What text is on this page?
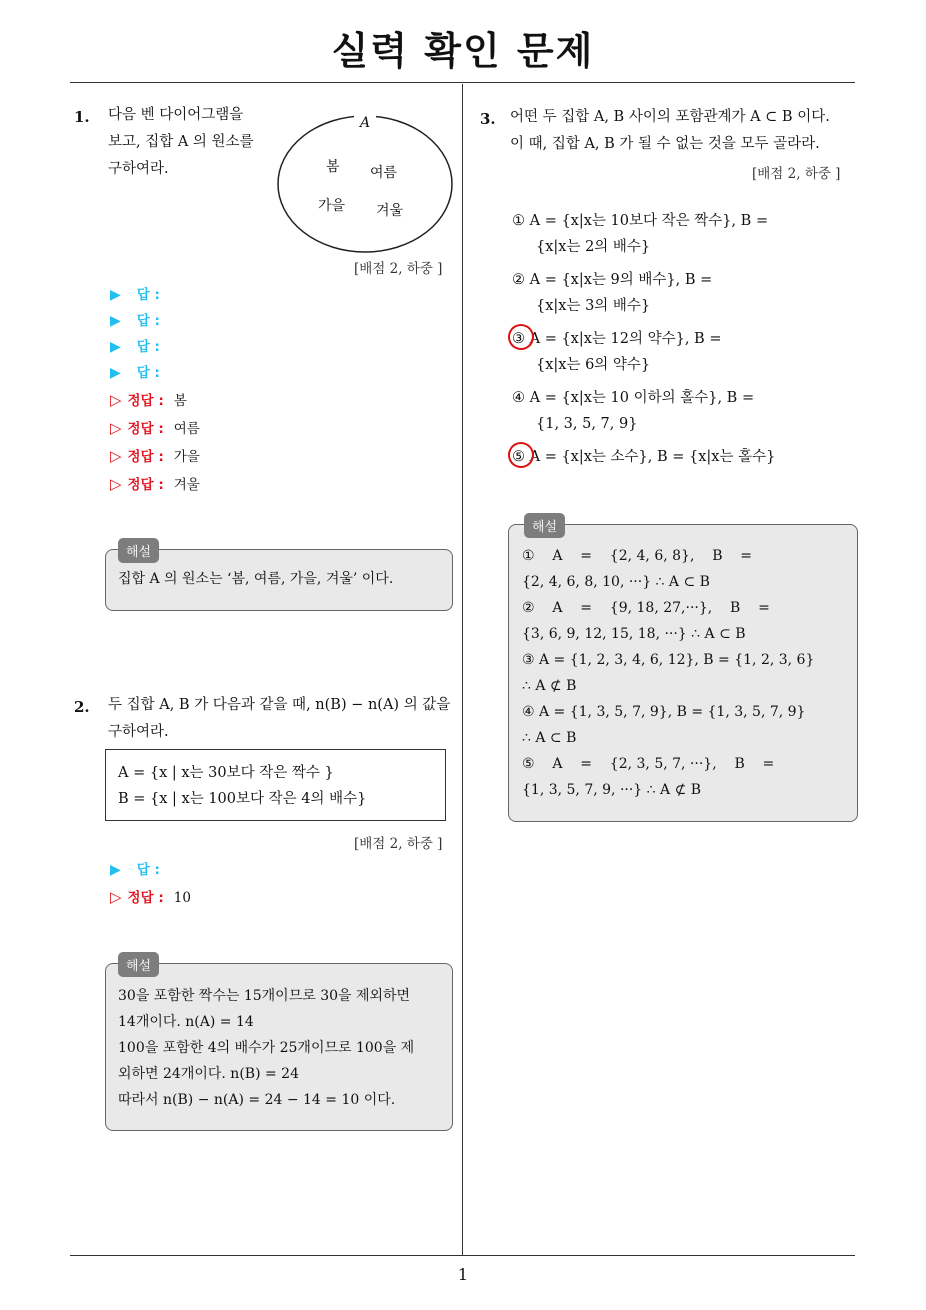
실력 확인 문제
1
1. 다음 벤 다이어그램을
보고, 집합 A 의 원소를
구하여라.
A
봄 여름
가을 겨울
[배점 2, 하중 ]
▶ 답 :
▶ 답 :
▶ 답 :
▶ 답 :
▷ 정답 : 봄
▷ 정답 : 여름
▷ 정답 : 가을
▷ 정답 : 겨울
해설
집합 A 의 원소는 ‘봄, 여름, 가을, 겨울’ 이다.
2. 두 집합 A, B 가 다음과 같을 때, n(B) − n(A) 의 값을
구하여라.
A = {x | x는 30보다 작은 짝수 }
B = {x | x는 100보다 작은 4의 배수}
[배점 2, 하중 ]
▶ 답 :
▷ 정답 : 10
해설
30을 포함한 짝수는 15개이므로 30을 제외하면
14개이다. n(A) = 14
100을 포함한 4의 배수가 25개이므로 100을 제
외하면 24개이다. n(B) = 24
따라서 n(B) − n(A) = 24 − 14 = 10 이다.
3. 어떤 두 집합 A, B 사이의 포함관계가 A ⊂ B 이다.
이 때, 집합 A, B 가 될 수 없는 것을 모두 골라라.
[배점 2, 하중 ]
① A = {x|x는 10보다 작은 짝수}, B =
{x|x는 2의 배수}
② A = {x|x는 9의 배수}, B =
{x|x는 3의 배수}
③ A = {x|x는 12의 약수}, B =
{x|x는 6의 약수}
④ A = {x|x는 10 이하의 홀수}, B =
{1, 3, 5, 7, 9}
⑤ A = {x|x는 소수}, B = {x|x는 홀수}
해설
①    A    =    {2, 4, 6, 8},    B    =
{2, 4, 6, 8, 10, ···} ∴ A ⊂ B
②    A    =    {9, 18, 27,···},    B    =
{3, 6, 9, 12, 15, 18, ···} ∴ A ⊂ B
③ A = {1, 2, 3, 4, 6, 12}, B = {1, 2, 3, 6}
∴ A ⊄ B
④ A = {1, 3, 5, 7, 9}, B = {1, 3, 5, 7, 9}
∴ A ⊂ B
⑤    A    =    {2, 3, 5, 7, ···},    B    =
{1, 3, 5, 7, 9, ···} ∴ A ⊄ B
